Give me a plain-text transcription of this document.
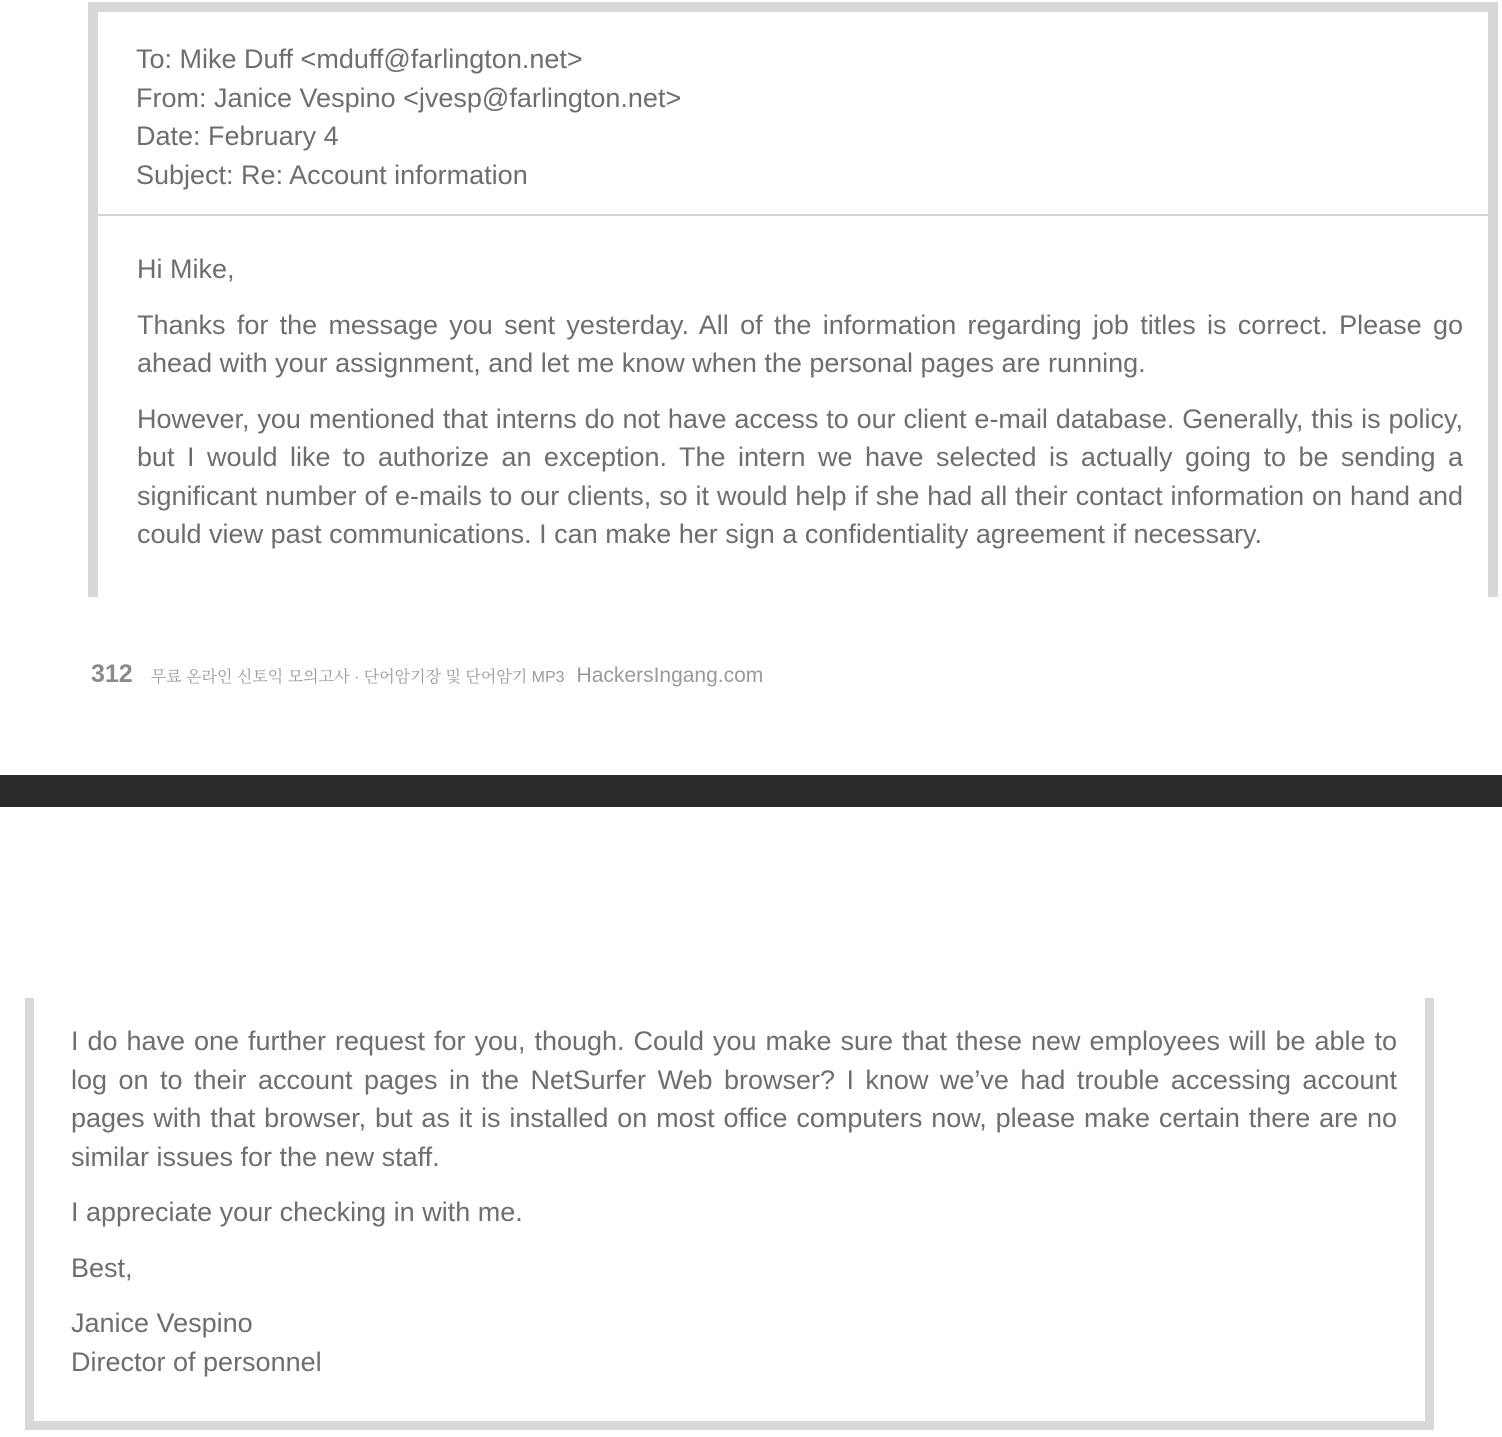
To: Mike Duff <mduff@farlington.net>
From: Janice Vespino <jvesp@farlington.net>
Date: February 4
Subject: Re: Account information

Hi Mike,

Thanks for the message you sent yesterday. All of the information regarding job titles is correct. Please go ahead with your assignment, and let me know when the personal pages are running.

However, you mentioned that interns do not have access to our client e-mail database. Generally, this is policy, but I would like to authorize an exception. The intern we have selected is actually going to be sending a significant number of e-mails to our clients, so it would help if she had all their contact information on hand and could view past communications. I can make her sign a confidentiality agreement if necessary.

312 무료 온라인 신토익 모의고사 · 단어암기장 및 단어암기 MP3 HackersIngang.com

I do have one further request for you, though. Could you make sure that these new employees will be able to log on to their account pages in the NetSurfer Web browser? I know we’ve had trouble accessing account pages with that browser, but as it is installed on most office computers now, please make certain there are no similar issues for the new staff.

I appreciate your checking in with me.

Best,

Janice Vespino

Director of personnel
